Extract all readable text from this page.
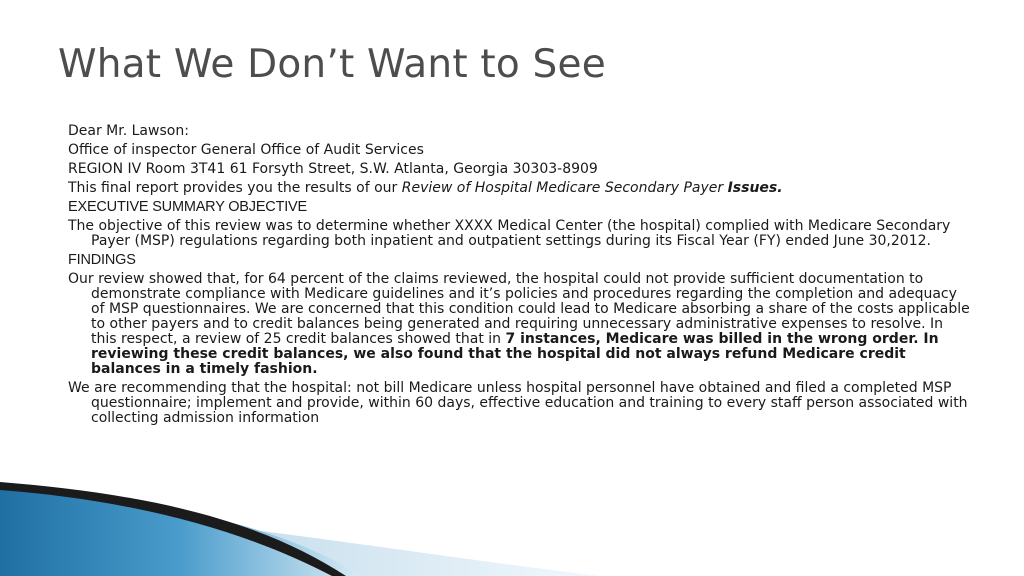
What We Don’t Want to See
Dear Mr. Lawson:
Office of inspector General Office of Audit Services
REGION IV Room 3T41 61 Forsyth Street, S.W. Atlanta, Georgia 30303-8909
This final report provides you the results of our Review of Hospital Medicare Secondary Payer Issues.
EXECUTIVE SUMMARY OBJECTIVE
The objective of this review was to determine whether XXXX Medical Center (the hospital) complied with Medicare Secondary Payer (MSP) regulations regarding both inpatient and outpatient settings during its Fiscal Year (FY) ended June 30,2012.
FINDINGS
Our review showed that, for 64 percent of the claims reviewed, the hospital could not provide sufficient documentation to demonstrate compliance with Medicare guidelines and it’s policies and procedures regarding the completion and adequacy of MSP questionnaires. We are concerned that this condition could lead to Medicare absorbing a share of the costs applicable to other payers and to credit balances being generated and requiring unnecessary administrative expenses to resolve. In this respect, a review of 25 credit balances showed that in 7 instances, Medicare was billed in the wrong order. In reviewing these credit balances, we also found that the hospital did not always refund Medicare credit balances in a timely fashion.
We are recommending that the hospital: not bill Medicare unless hospital personnel have obtained and filed a completed MSP questionnaire; implement and provide, within 60 days, effective education and training to every staff person associated with collecting admission information
